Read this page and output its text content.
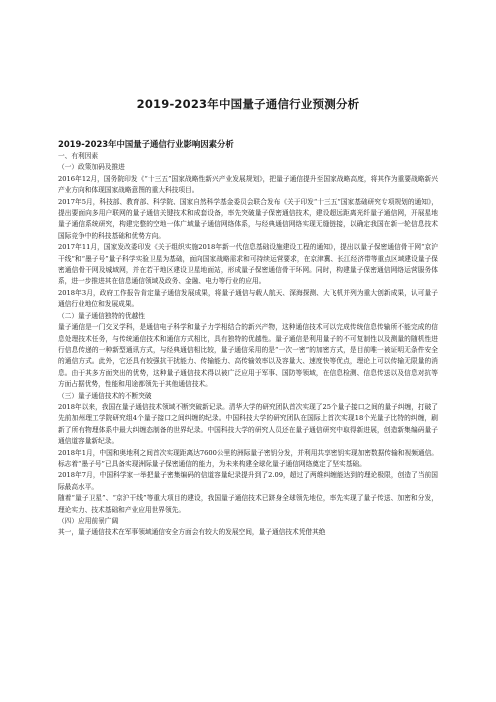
2019-2023年中国量子通信行业预测分析
2019-2023年中国量子通信行业影响因素分析

一、有利因素

（一）政策加码及推进

2016年12月，国务院印发《“十三五”国家战略性新兴产业发展规划》，把量子通信提升至国家战略高度，将其作为重要战略新兴产业方向和体现国家战略意图的重大科技项目。

2017年5月，科技部、教育部、科学院、国家自然科学基金委员会联合发布《关于印发“十三五”国家基础研究专项规划的通知》，提出要面向多用户联网的量子通信关键技术和成套设备，率先突破量子保密通信技术，建设超远距离光纤量子通信网，开展星地量子通信系统研究，构建完整的空地一体广域量子通信网络体系，与经典通信网络实现无缝链接，以确定我国在新一轮信息技术国际竞争中的科技基础和优势方向。

2017年11月，国家发改委印发《关于组织实施2018年新一代信息基础设施建设工程的通知》，提出以量子保密通信骨干网“京沪干线”和“墨子号”量子科学实验卫星为基础，面向国家战略需求和可持续运营要求，在京津冀、长江经济带等重点区域建设量子保密通信骨干网及城域网，并在若干地区建设卫星地面站，形成量子保密通信骨干环网。同时，构建量子保密通信网络运营服务体系，进一步推进其在信息通信领域及政务、金融、电力等行业的应用。

2018年3月，政府工作报告肯定量子通信发展成果，将量子通信与载人航天、深海探测、大飞机并列为重大创新成果，认可量子通信行业地位和发展成果。

（二）量子通信独特的优越性

量子通信是一门交叉学科，是通信电子科学和量子力学相结合的新兴产物，这种通信技术可以完成传统信息传输所不能完成的信息处理技术任务，与传统通信技术和通信方式相比，具有独特的优越性。量子通信是利用量子的不可复制性以及测量的随机性进行信息传递的一种新型通讯方式，与经典通信相比较，量子通信采用的是“一次一密”的加密方式，是目前唯一被证明无条件安全的通信方式。此外，它还具有较强抗干扰能力、传输能力、高传输效率以及容量大、速度快等优点，理论上可以传输无限量的消息。由于其多方面突出的优势，这种量子通信技术得以被广泛应用于军事、国防等领域，在信息检测、信息传送以及信息对抗等方面占据优势，性能和用途都领先于其他通信技术。

（三）量子通信技术的不断突破

2018年以来，我国在量子通信技术领域不断突破新记录。清华大学的研究团队首次实现了25个量子接口之间的量子纠缠，打破了先前加州理工学院研究组4个量子接口之间纠缠的纪录。中国科技大学的研究团队在国际上首次实现18个光量子比特的纠缠，刷新了所有物理体系中最大纠缠态制备的世界纪录。中国科技大学的研究人员还在量子通信研究中取得新进展，创造新集编码量子通信道容量新纪录。

2018年1月，中国和奥地利之间首次实现距离达7600公里的洲际量子密钥分发，并利用共享密钥实现加密数据传输和视频通信。标志着“墨子号”已具备实现洲际量子保密通信的能力，为未来构建全球化量子通信网络奠定了坚实基础。

2018年7月，中国科学家一举把量子密集编码的信道容量纪录提升到了2.09，超过了两维纠缠能达到的理论极限，创造了当前国际最高水平。

随着“量子卫星”、“京沪干线”等重大项目的建设，我国量子通信技术已跻身全球领先地位，率先实现了量子传送、加密和分发，理论实力、技术基础和产业应用世界领先。

（四）应用前景广阔

其一，量子通信技术在军事领域通信安全方面会有较大的发展空间，量子通信技术凭借其绝
